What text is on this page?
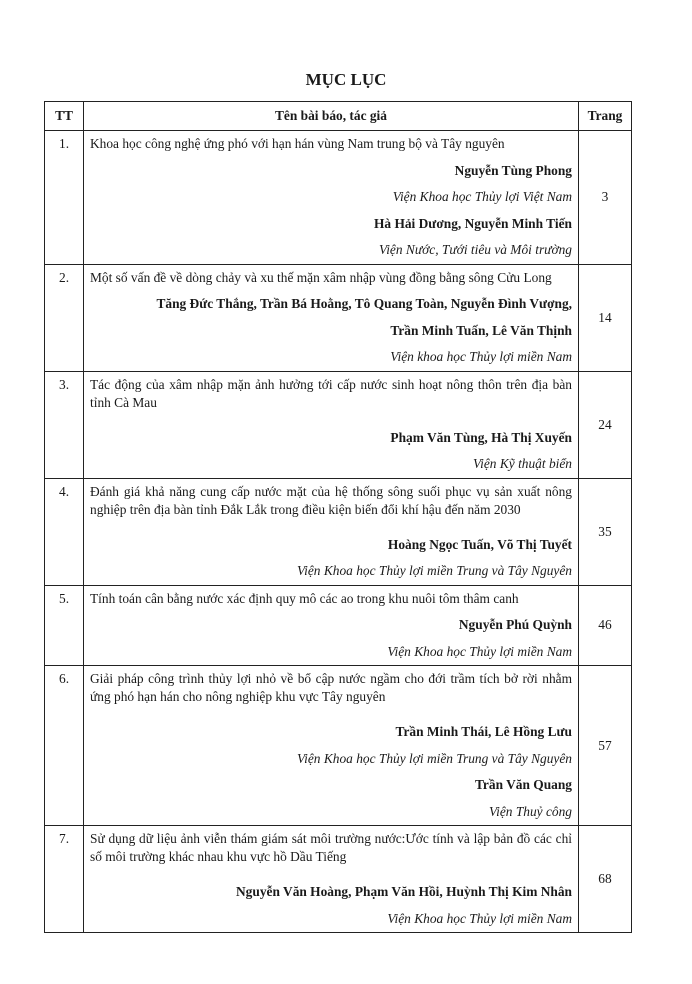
MỤC LỤC
TT	Tên bài báo, tác giả	Trang
1.	Khoa học công nghệ ứng phó với hạn hán vùng Nam trung bộ và Tây nguyên
Nguyễn Tùng Phong
Viện Khoa học Thủy lợi Việt Nam
Hà Hải Dương, Nguyễn Minh Tiến
Viện Nước, Tưới tiêu và Môi trường	3
2.	Một số vấn đề về dòng chảy và xu thế mặn xâm nhập vùng đồng bằng sông Cửu Long
Tăng Đức Thắng, Trần Bá Hoằng, Tô Quang Toàn, Nguyễn Đình Vượng,
Trần Minh Tuấn, Lê Văn Thịnh
Viện khoa học Thủy lợi miền Nam	14
3.	Tác động của xâm nhập mặn ảnh hưởng tới cấp nước sinh hoạt nông thôn trên địa bàn tỉnh Cà Mau
Phạm Văn Tùng, Hà Thị Xuyến
Viện Kỹ thuật biển	24
4.	Đánh giá khả năng cung cấp nước mặt của hệ thống sông suối phục vụ sản xuất nông nghiệp trên địa bàn tỉnh Đắk Lắk trong điều kiện biến đổi khí hậu đến năm 2030
Hoàng Ngọc Tuấn, Võ Thị Tuyết
Viện Khoa học Thủy lợi miền Trung và Tây Nguyên	35
5.	Tính toán cân bằng nước xác định quy mô các ao trong khu nuôi tôm thâm canh
Nguyễn Phú Quỳnh
Viện Khoa học Thủy lợi miền Nam	46
6.	Giải pháp công trình thủy lợi nhỏ về bổ cập nước ngầm cho đới trầm tích bở rời nhằm ứng phó hạn hán cho nông nghiệp khu vực Tây nguyên
Trần Minh Thái, Lê Hồng Lưu
Viện Khoa học Thủy lợi miền Trung và Tây Nguyên
Trần Văn Quang
Viện Thuỷ công	57
7.	Sử dụng dữ liệu ảnh viễn thám giám sát môi trường nước:Ước tính và lập bản đồ các chỉ số môi trường khác nhau khu vực hồ Dầu Tiếng
Nguyễn Văn Hoàng, Phạm Văn Hồi, Huỳnh Thị Kim Nhân
Viện Khoa học Thủy lợi miền Nam	68
